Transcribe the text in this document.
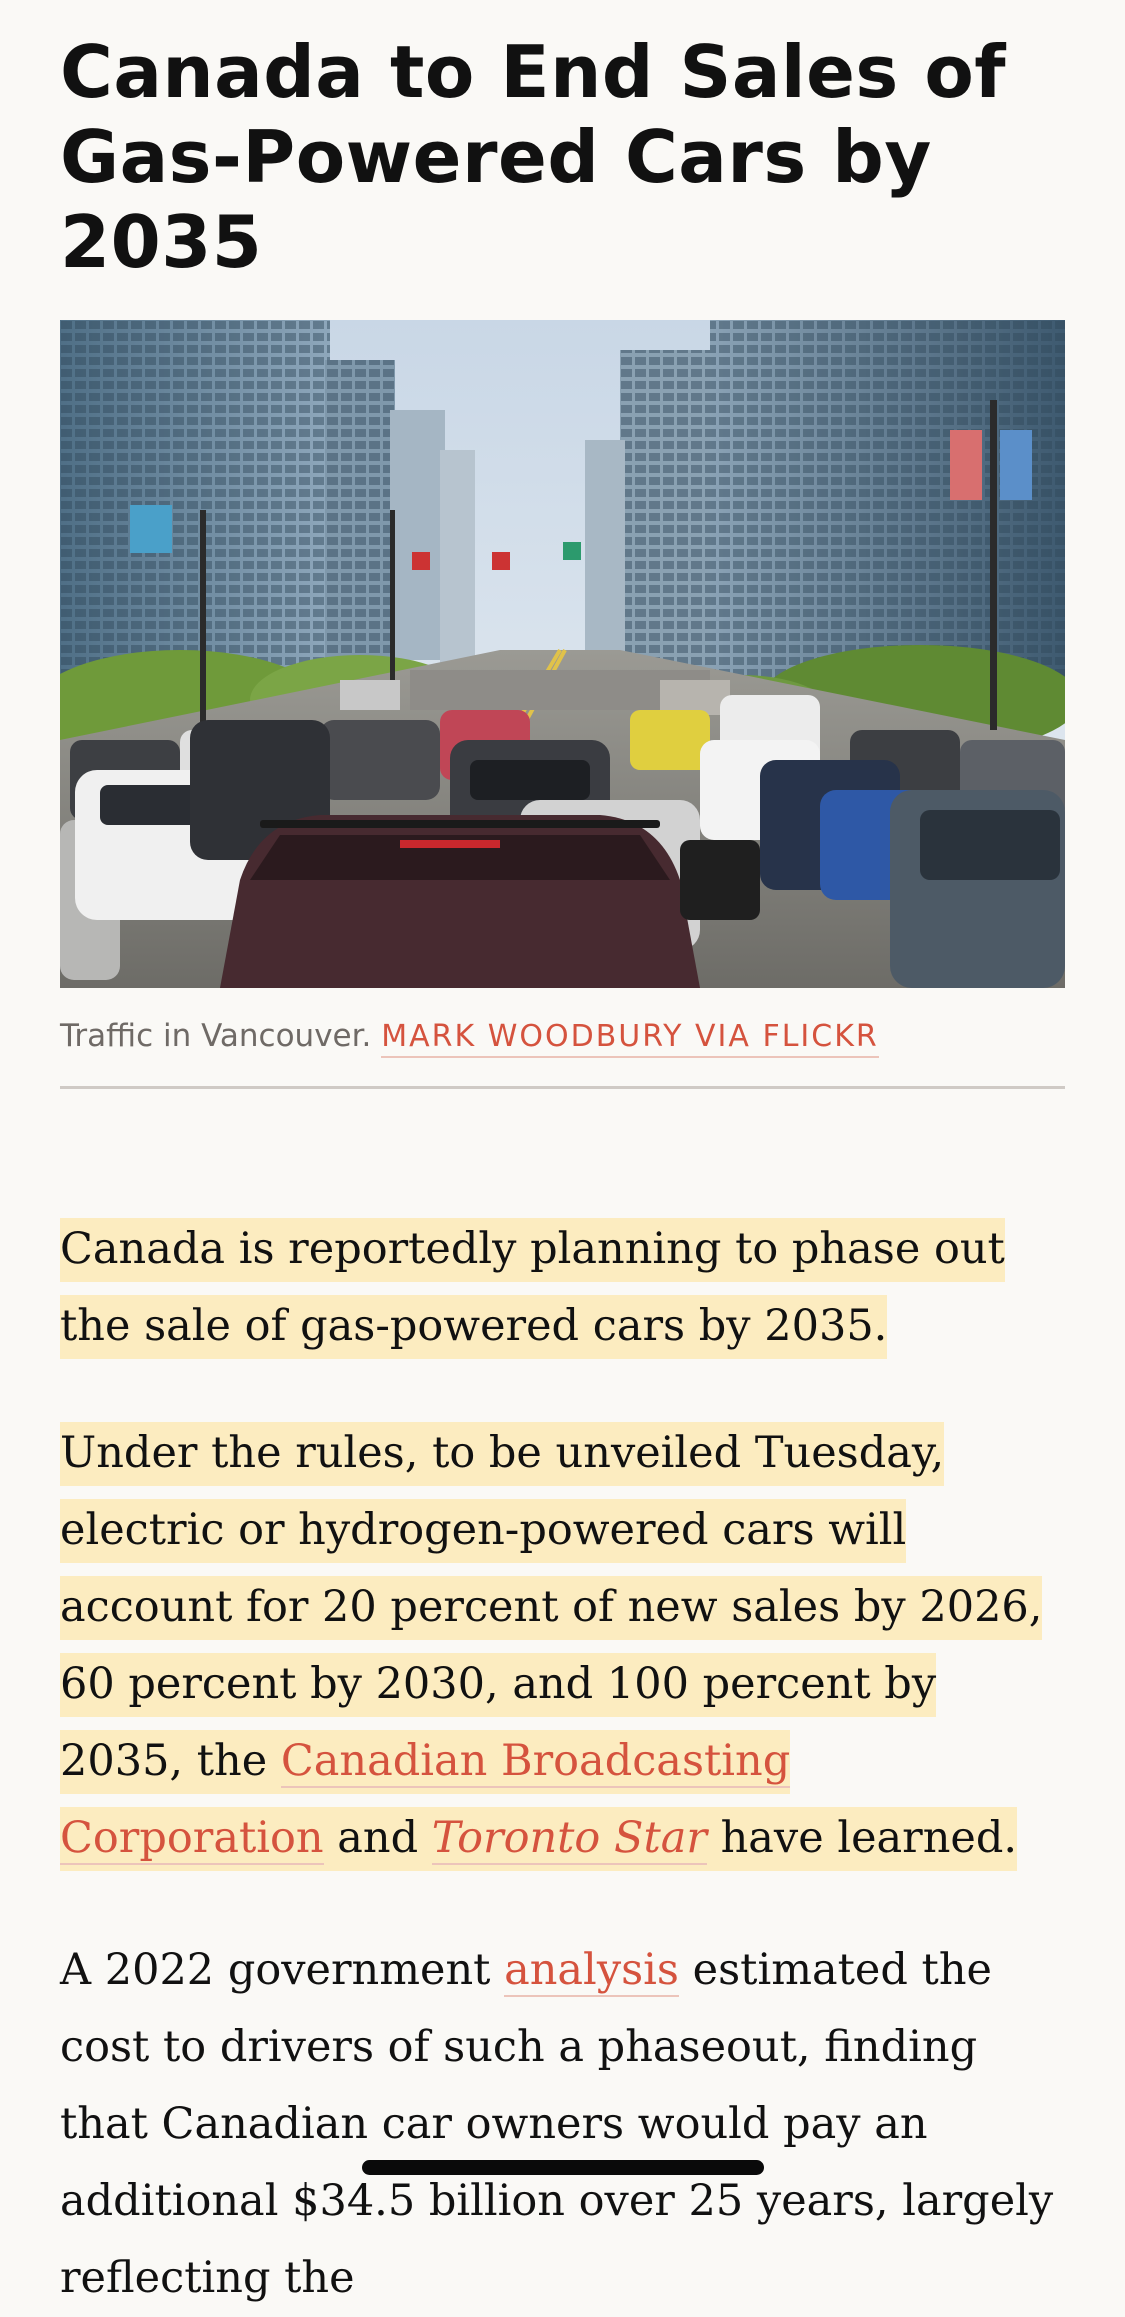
Canada to End Sales of Gas-Powered Cars by 2035
Traffic in Vancouver. MARK WOODBURY VIA FLICKR

Canada is reportedly planning to phase out the sale of gas-powered cars by 2035.

Under the rules, to be unveiled Tuesday, electric or hydrogen-powered cars will account for 20 percent of new sales by 2026, 60 percent by 2030, and 100 percent by 2035, the Canadian Broadcasting Corporation and Toronto Star have learned.

A 2022 government analysis estimated the cost to drivers of such a phaseout, finding that Canadian car owners would pay an additional $34.5 billion over 25 years, largely reflecting the
